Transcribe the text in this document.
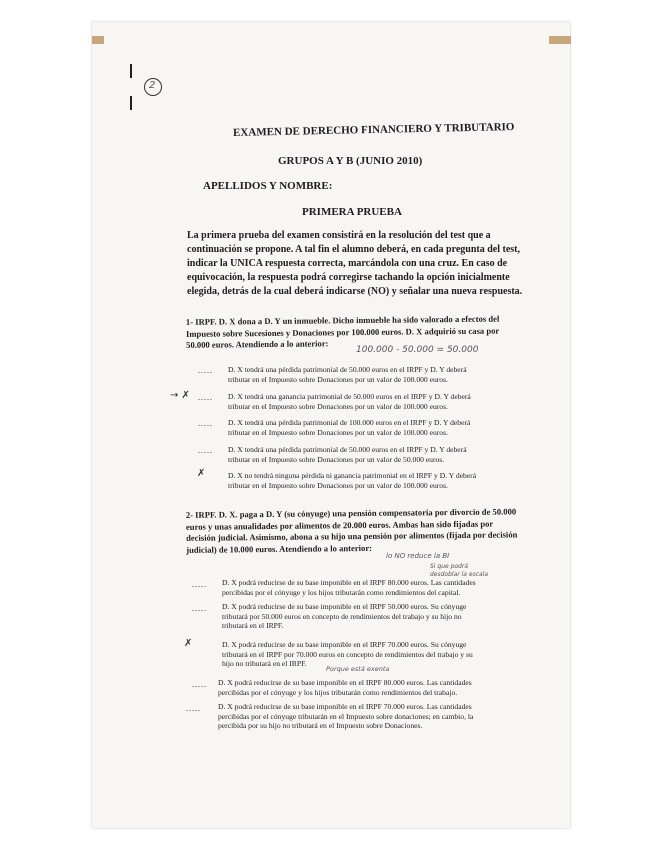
2
EXAMEN DE DERECHO FINANCIERO Y TRIBUTARIO
GRUPOS A Y B (JUNIO 2010)
APELLIDOS Y NOMBRE:
PRIMERA PRUEBA
La primera prueba del examen consistirá en la resolución del test que a
continuación se propone. A tal fin el alumno deberá, en cada pregunta del test,
indicar la UNICA respuesta correcta, marcándola con una cruz. En caso de
equivocación, la respuesta podrá corregirse tachando la opción inicialmente
elegida, detrás de la cual deberá indicarse (NO) y señalar una nueva respuesta.
1- IRPF. D. X dona a D. Y un inmueble. Dicho inmueble ha sido valorado a efectos del
Impuesto sobre Sucesiones y Donaciones por 100.000 euros. D. X adquirió su casa por
50.000 euros. Atendiendo a lo anterior:
100.000 - 50.000 = 50.000
..... D. X tendrá una pérdida patrimonial de 50.000 euros en el IRPF y D. Y deberá
tributar en el Impuesto sobre Donaciones por un valor de 100.000 euros.
→ ✗ ..... D. X tendrá una ganancia patrimonial de 50.000 euros en el IRPF y D. Y deberá
tributar en el Impuesto sobre Donaciones por un valor de 100.000 euros.
..... D. X tendrá una pérdida patrimonial de 100.000 euros en el IRPF y D. Y deberá
tributar en el Impuesto sobre Donaciones por un valor de 100.000 euros.
..... D. X tendrá una pérdida patrimonial de 50.000 euros en el IRPF y D. Y deberá
tributar en el Impuesto sobre Donaciones por un valor de 50.000 euros.
✗	D. X no tendrá ninguna pérdida ni ganancia patrimonial en el IRPF y D. Y deberá
tributar en el Impuesto sobre Donaciones por un valor de 100.000 euros.
2- IRPF. D. X. paga a D. Y (su cónyuge) una pensión compensatoria por divorcio de 50.000
euros y unas anualidades por alimentos de 20.000 euros. Ambas han sido fijadas por
decisión judicial. Asimismo, abona a su hijo una pensión por alimentos (fijada por decisión
judicial) de 10.000 euros. Atendiendo a lo anterior:
lo NO reduce la BI
Si que podrá desdoblar la escala
..... D. X podrá reducirse de su base imponible en el IRPF 80.000 euros. Las cantidades
percibidas por el cónyuge y los hijos tributarán como rendimientos del capital.
..... D. X podrá reducirse de su base imponible en el IRPF 50.000 euros. Su cónyuge
tributará por 50.000 euros en concepto de rendimientos del trabajo y su hijo no
tributará en el IRPF.
✗	D. X podrá reducirse de su base imponible en el IRPF 70.000 euros. Su cónyuge
tributará en el IRPF por 70.000 euros en concepto de rendimientos del trabajo y su
hijo no tributará en el IRPF.
Porque está exenta
..... D. X podrá reducirse de su base imponible en el IRPF 80.000 euros. Las cantidades
percibidas por el cónyuge y los hijos tributarán como rendimientos del trabajo.
..... D. X podrá reducirse de su base imponible en el IRPF 70.000 euros. Las cantidades
percibidas por el cónyuge tributarán en el Impuesto sobre donaciones; en cambio, la
percibida por su hijo no tributará en el Impuesto sobre Donaciones.
